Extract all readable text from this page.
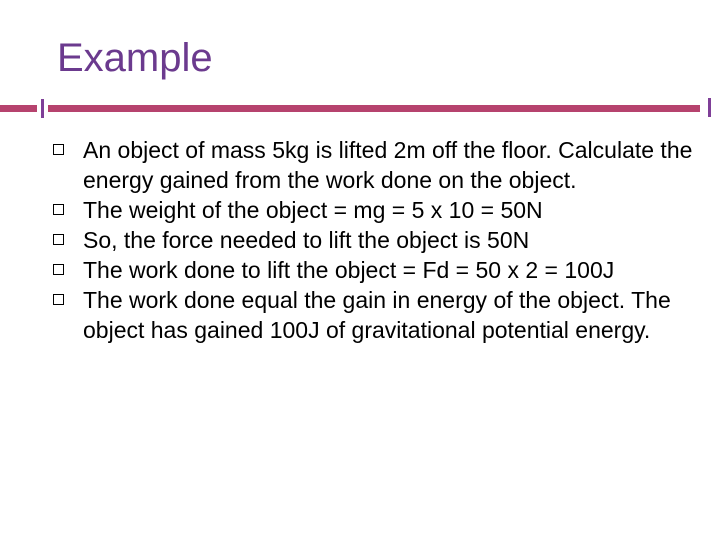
Example
An object of mass 5kg is lifted 2m off the floor. Calculate the energy gained from the work done on the object.
The weight of the object = mg = 5 x 10 = 50N
So, the force needed to lift the object is 50N
The work done to lift the object = Fd = 50 x 2 = 100J
The work done equal the gain in energy of the object. The object has gained 100J of gravitational potential energy.
